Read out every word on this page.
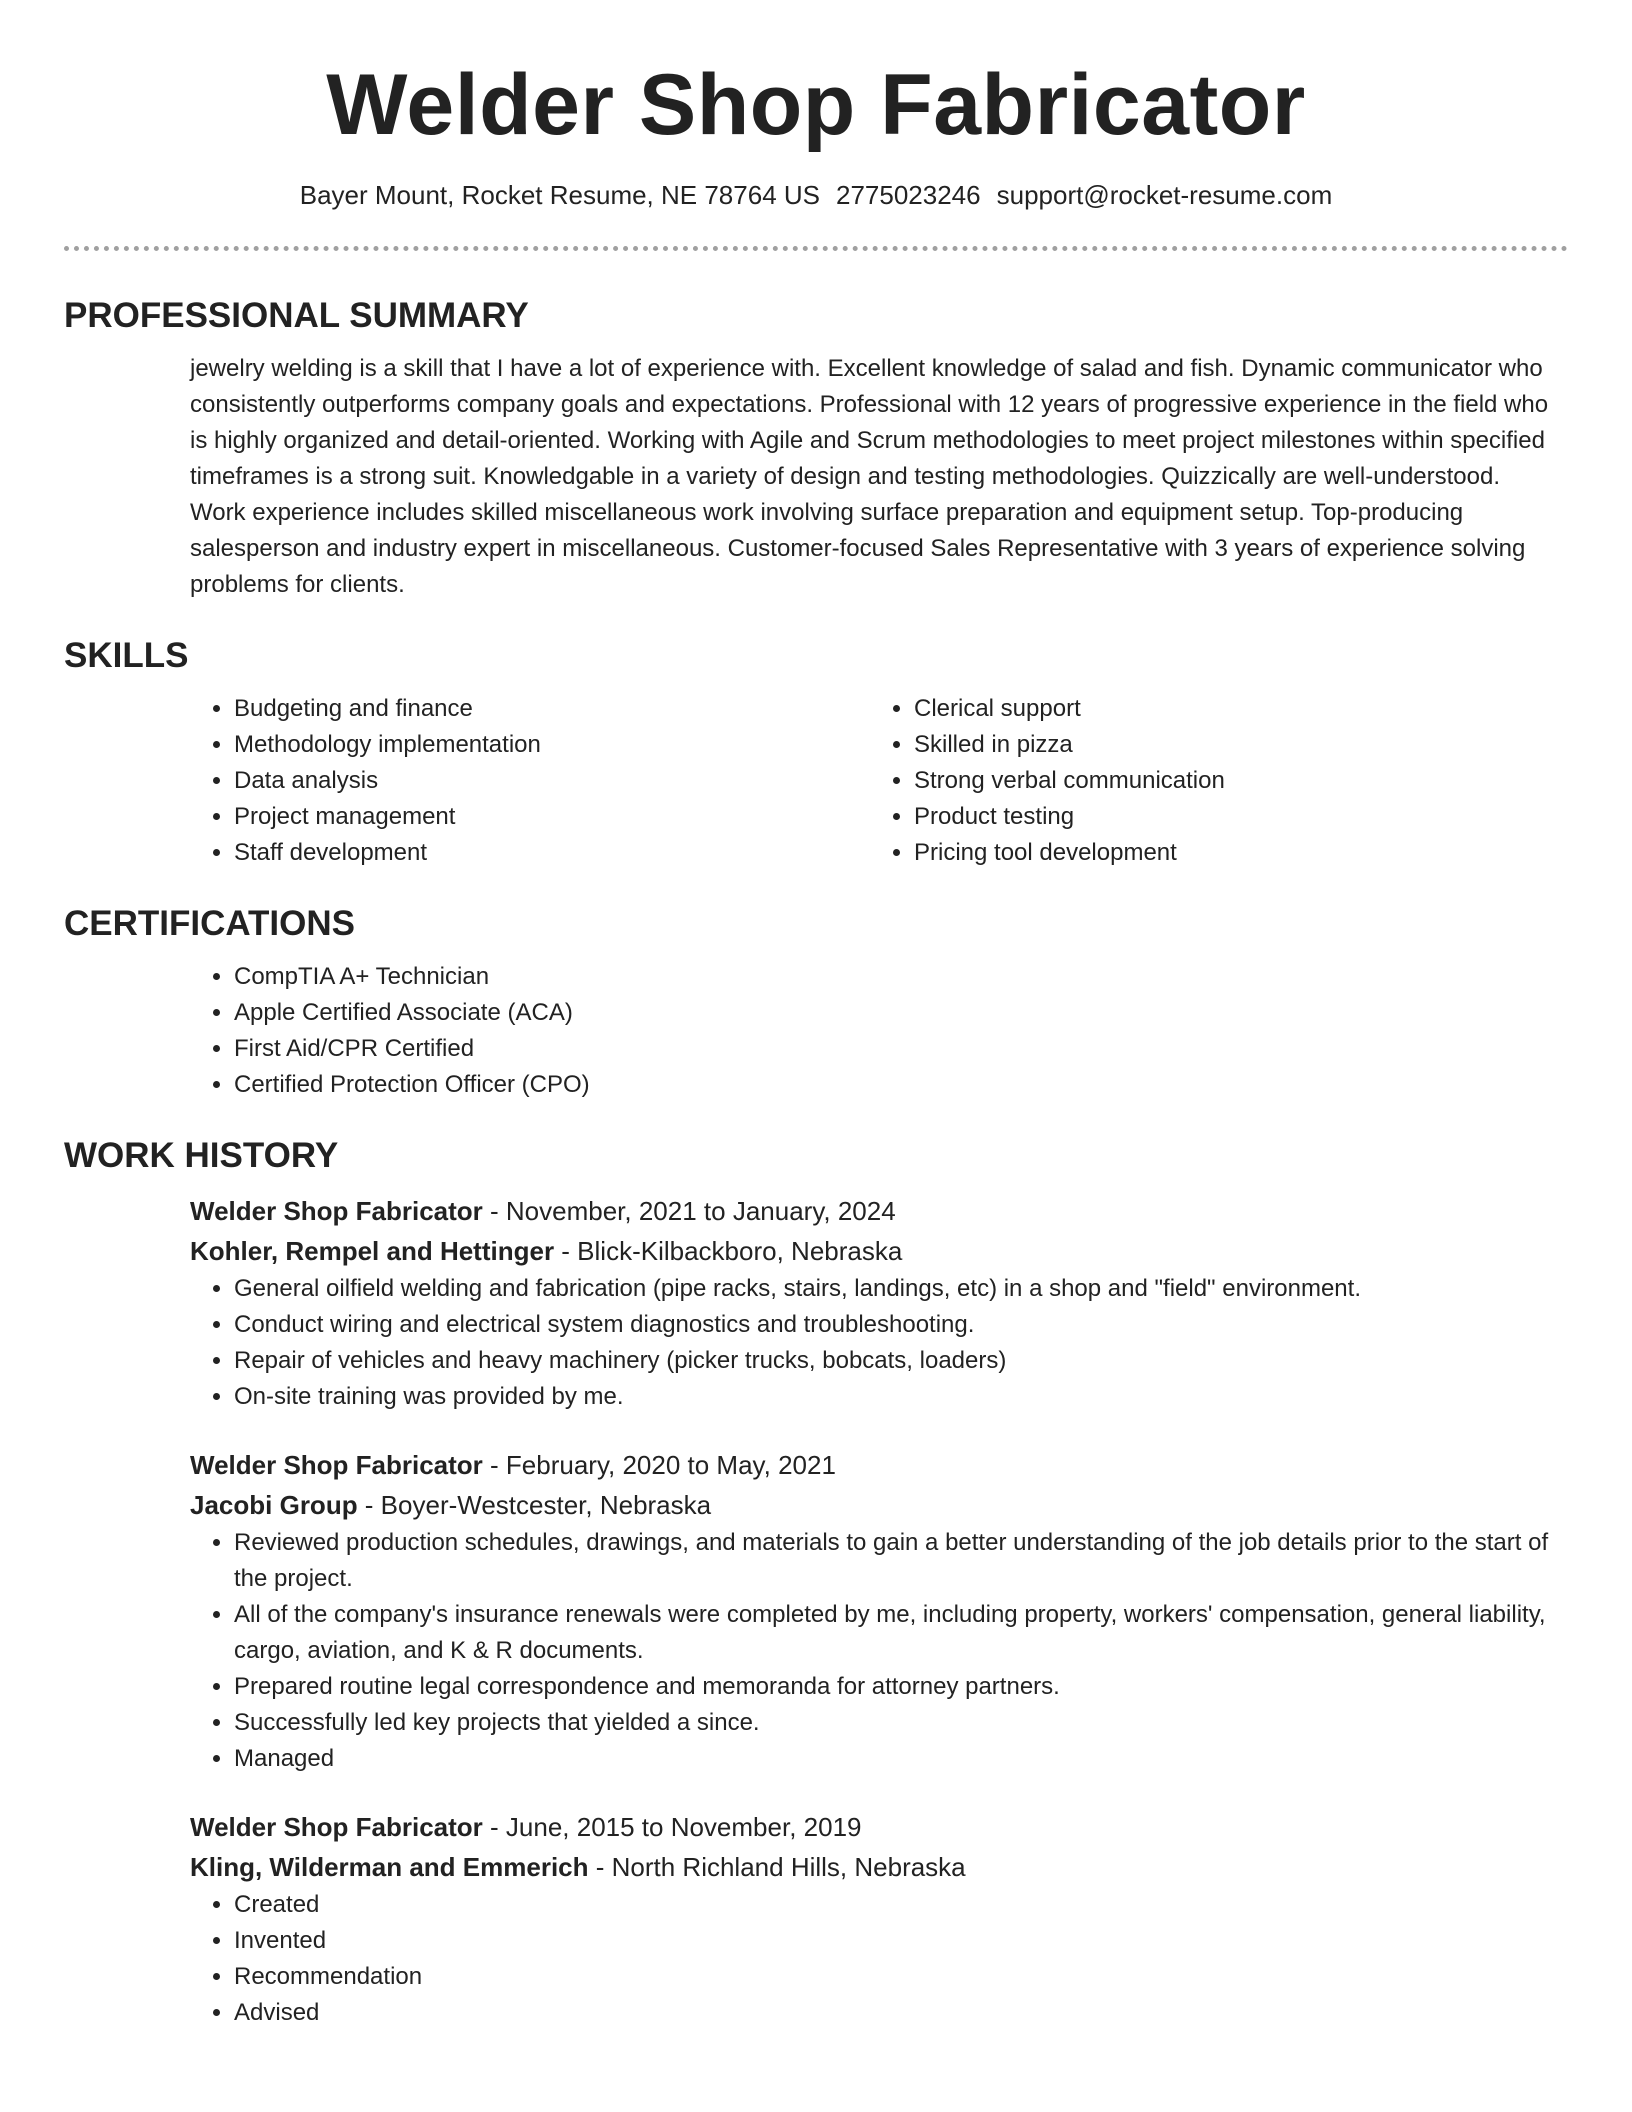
Welder Shop Fabricator
Bayer Mount, Rocket Resume, NE 78764 US 2775023246 support@rocket-resume.com
PROFESSIONAL SUMMARY
jewelry welding is a skill that I have a lot of experience with. Excellent knowledge of salad and fish. Dynamic communicator who consistently outperforms company goals and expectations. Professional with 12 years of progressive experience in the field who is highly organized and detail-oriented. Working with Agile and Scrum methodologies to meet project milestones within specified timeframes is a strong suit. Knowledgable in a variety of design and testing methodologies. Quizzically are well-understood. Work experience includes skilled miscellaneous work involving surface preparation and equipment setup. Top-producing salesperson and industry expert in miscellaneous. Customer-focused Sales Representative with 3 years of experience solving problems for clients.
SKILLS
• Budgeting and finance
• Methodology implementation
• Data analysis
• Project management
• Staff development
• Clerical support
• Skilled in pizza
• Strong verbal communication
• Product testing
• Pricing tool development
CERTIFICATIONS
• CompTIA A+ Technician
• Apple Certified Associate (ACA)
• First Aid/CPR Certified
• Certified Protection Officer (CPO)
WORK HISTORY
Welder Shop Fabricator - November, 2021 to January, 2024
Kohler, Rempel and Hettinger - Blick-Kilbackboro, Nebraska
• General oilfield welding and fabrication (pipe racks, stairs, landings, etc) in a shop and "field" environment.
• Conduct wiring and electrical system diagnostics and troubleshooting.
• Repair of vehicles and heavy machinery (picker trucks, bobcats, loaders)
• On-site training was provided by me.
Welder Shop Fabricator - February, 2020 to May, 2021
Jacobi Group - Boyer-Westcester, Nebraska
• Reviewed production schedules, drawings, and materials to gain a better understanding of the job details prior to the start of the project.
• All of the company's insurance renewals were completed by me, including property, workers' compensation, general liability, cargo, aviation, and K & R documents.
• Prepared routine legal correspondence and memoranda for attorney partners.
• Successfully led key projects that yielded a since.
• Managed
Welder Shop Fabricator - June, 2015 to November, 2019
Kling, Wilderman and Emmerich - North Richland Hills, Nebraska
• Created
• Invented
• Recommendation
• Advised
